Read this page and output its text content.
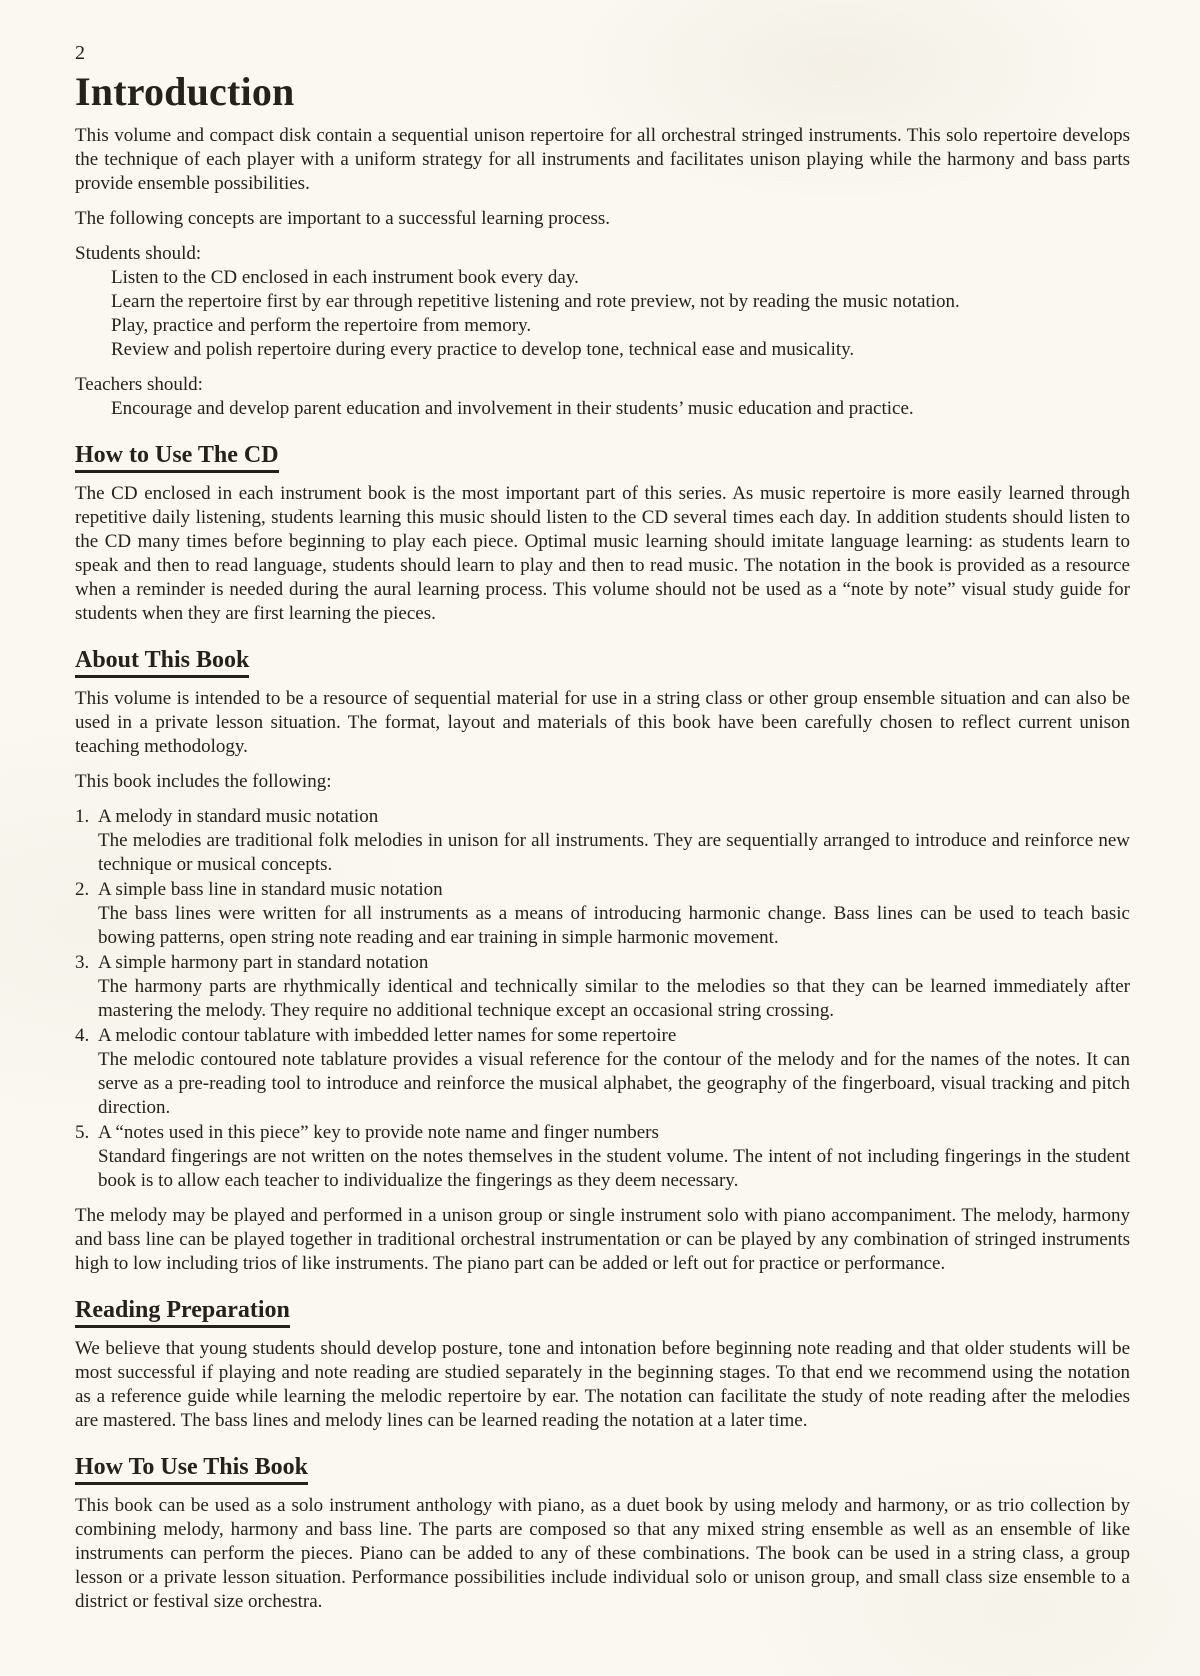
2
Introduction

This volume and compact disk contain a sequential unison repertoire for all orchestral stringed instruments. This solo repertoire develops the technique of each player with a uniform strategy for all instruments and facilitates unison playing while the harmony and bass parts provide ensemble possibilities.

The following concepts are important to a successful learning process.

Students should:
Listen to the CD enclosed in each instrument book every day.
Learn the repertoire first by ear through repetitive listening and rote preview, not by reading the music notation.
Play, practice and perform the repertoire from memory.
Review and polish repertoire during every practice to develop tone, technical ease and musicality.
Teachers should:
Encourage and develop parent education and involvement in their students’ music education and practice.
How to Use The CD

The CD enclosed in each instrument book is the most important part of this series. As music repertoire is more easily learned through repetitive daily listening, students learning this music should listen to the CD several times each day. In addition students should listen to the CD many times before beginning to play each piece. Optimal music learning should imitate language learning: as students learn to speak and then to read language, students should learn to play and then to read music. The notation in the book is provided as a resource when a reminder is needed during the aural learning process. This volume should not be used as a “note by note” visual study guide for students when they are first learning the pieces.

About This Book

This volume is intended to be a resource of sequential material for use in a string class or other group ensemble situation and can also be used in a private lesson situation. The format, layout and materials of this book have been carefully chosen to reflect current unison teaching methodology.

This book includes the following:

1. A melody in standard music notation

The melodies are traditional folk melodies in unison for all instruments. They are sequentially arranged to introduce and reinforce new technique or musical concepts.

2. A simple bass line in standard music notation

The bass lines were written for all instruments as a means of introducing harmonic change. Bass lines can be used to teach basic bowing patterns, open string note reading and ear training in simple harmonic movement.

3. A simple harmony part in standard notation

The harmony parts are rhythmically identical and technically similar to the melodies so that they can be learned immediately after mastering the melody. They require no additional technique except an occasional string crossing.

4. A melodic contour tablature with imbedded letter names for some repertoire

The melodic contoured note tablature provides a visual reference for the contour of the melody and for the names of the notes. It can serve as a pre-reading tool to introduce and reinforce the musical alphabet, the geography of the fingerboard, visual tracking and pitch direction.

5. A “notes used in this piece” key to provide note name and finger numbers

Standard fingerings are not written on the notes themselves in the student volume. The intent of not including fingerings in the student book is to allow each teacher to individualize the fingerings as they deem necessary.

The melody may be played and performed in a unison group or single instrument solo with piano accompaniment. The melody, harmony and bass line can be played together in traditional orchestral instrumentation or can be played by any combination of stringed instruments high to low including trios of like instruments. The piano part can be added or left out for practice or performance.

Reading Preparation

We believe that young students should develop posture, tone and intonation before beginning note reading and that older students will be most successful if playing and note reading are studied separately in the beginning stages. To that end we recommend using the notation as a reference guide while learning the melodic repertoire by ear. The notation can facilitate the study of note reading after the melodies are mastered. The bass lines and melody lines can be learned reading the notation at a later time.

How To Use This Book

This book can be used as a solo instrument anthology with piano, as a duet book by using melody and harmony, or as trio collection by combining melody, harmony and bass line. The parts are composed so that any mixed string ensemble as well as an ensemble of like instruments can perform the pieces. Piano can be added to any of these combinations. The book can be used in a string class, a group lesson or a private lesson situation. Performance possibilities include individual solo or unison group, and small class size ensemble to a district or festival size orchestra.
